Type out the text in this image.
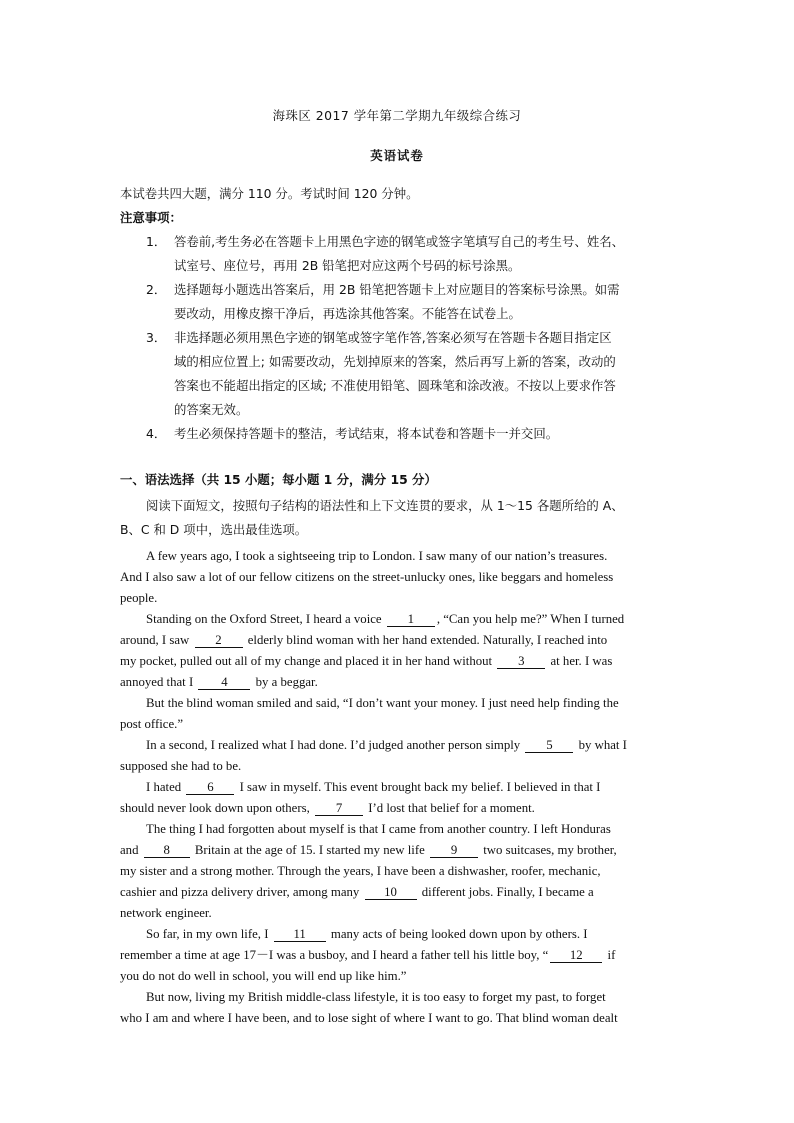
海珠区 2017 学年第二学期九年级综合练习
英语试卷
本试卷共四大题，满分 110 分。考试时间 120 分钟。
注意事项：
1． 答卷前,考生务必在答题卡上用黑色字迹的钢笔或签字笔填写自己的考生号、姓名、
试室号、座位号，再用 2B 铅笔把对应这两个号码的标号涂黑。
2． 选择题每小题选出答案后，用 2B 铅笔把答题卡上对应题目的答案标号涂黑。如需
要改动，用橡皮擦干净后，再选涂其他答案。不能答在试卷上。
3． 非选择题必须用黑色字迹的钢笔或签字笔作答,答案必须写在答题卡各题目指定区
域的相应位置上; 如需要改动，先划掉原来的答案，然后再写上新的答案，改动的
答案也不能超出指定的区域; 不准使用铅笔、圆珠笔和涂改液。不按以上要求作答
的答案无效。
4． 考生必须保持答题卡的整洁，考试结束，将本试卷和答题卡一并交回。
一、语法选择（共 15 小题；每小题 1 分，满分 15 分）
阅读下面短文，按照句子结构的语法性和上下文连贯的要求，从 1～15 各题所给的 A、
B、C 和 D 项中，选出最佳选项。
A few years ago, I took a sightseeing trip to London. I saw many of our nation’s treasures.
And I also saw a lot of our fellow citizens on the street-unlucky ones, like beggars and homeless
people.
Standing on the Oxford Street, I heard a voice 1 , “Can you help me?” When I turned
around, I saw 2 elderly blind woman with her hand extended. Naturally, I reached into
my pocket, pulled out all of my change and placed it in her hand without 3 at her. I was
annoyed that I 4 by a beggar.
But the blind woman smiled and said, “I don’t want your money. I just need help finding the
post office.”
In a second, I realized what I had done. I’d judged another person simply 5 by what I
supposed she had to be.
I hated 6 I saw in myself. This event brought back my belief. I believed in that I
should never look down upon others, 7 I’d lost that belief for a moment.
The thing I had forgotten about myself is that I came from another country. I left Honduras
and 8 Britain at the age of 15. I started my new life 9 two suitcases, my brother,
my sister and a strong mother. Through the years, I have been a dishwasher, roofer, mechanic,
cashier and pizza delivery driver, among many 10 different jobs. Finally, I became a
network engineer.
So far, in my own life, I 11 many acts of being looked down upon by others. I
remember a time at age 17－I was a busboy, and I heard a father tell his little boy, “ 12 if
you do not do well in school, you will end up like him.”
But now, living my British middle-class lifestyle, it is too easy to forget my past, to forget
who I am and where I have been, and to lose sight of where I want to go. That blind woman dealt
